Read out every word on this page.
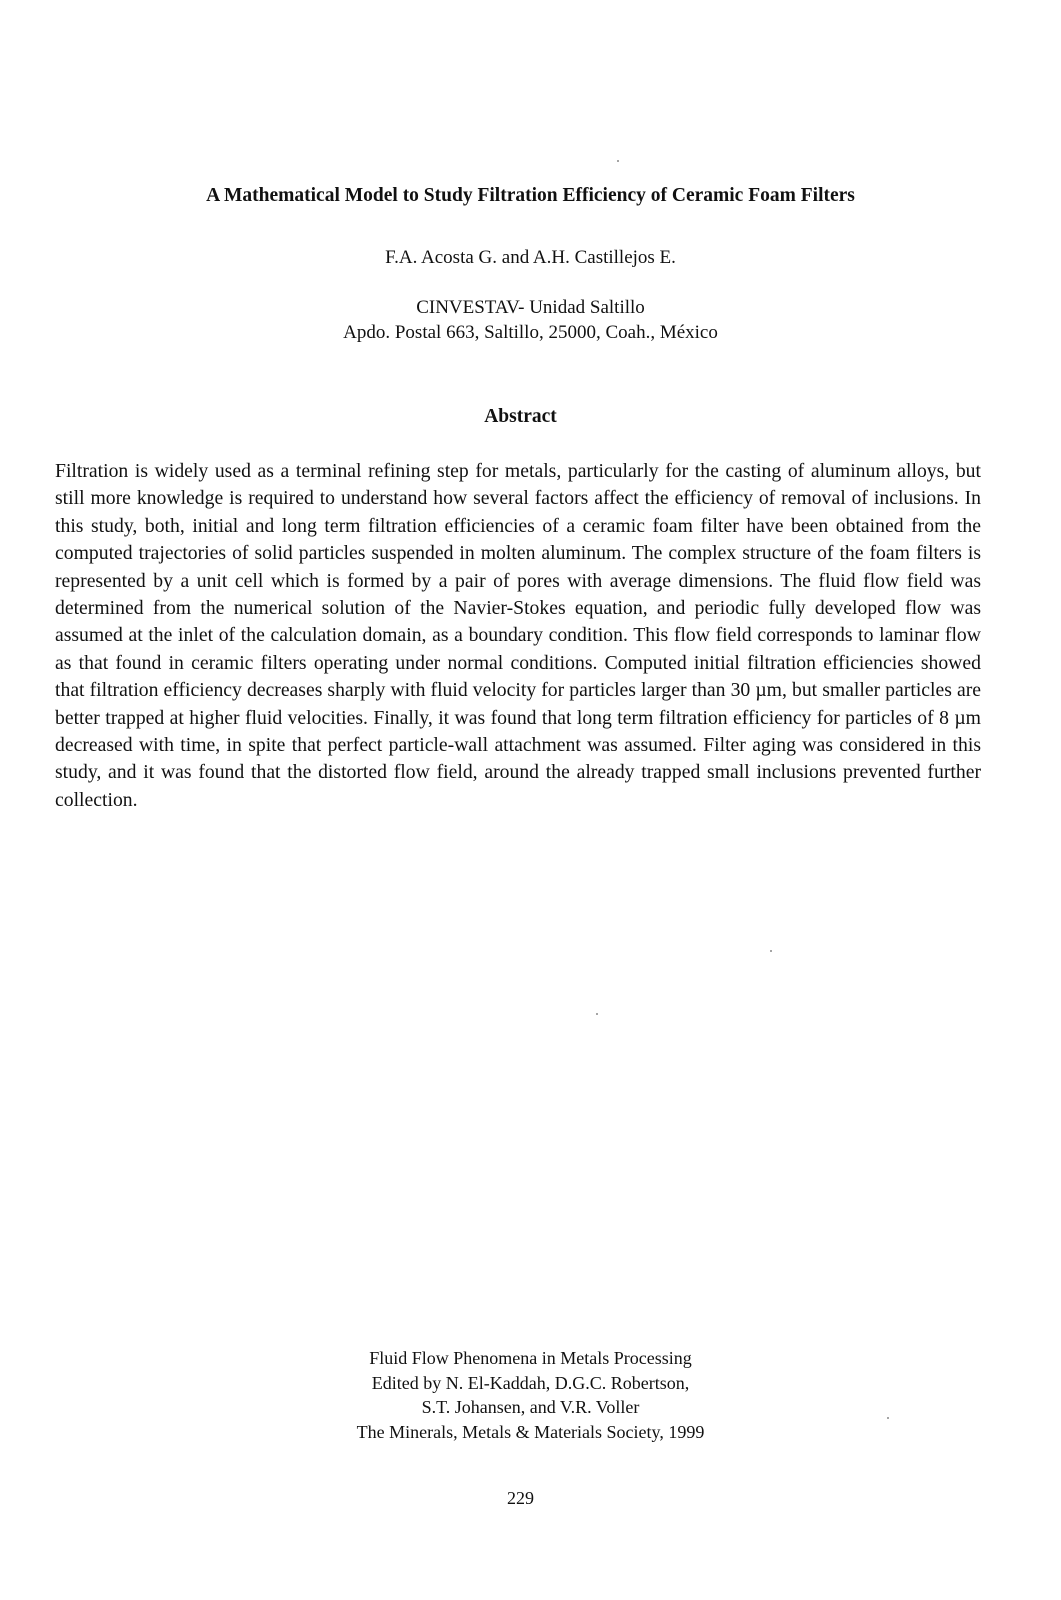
A Mathematical Model to Study Filtration Efficiency of Ceramic Foam Filters
F.A. Acosta G. and A.H. Castillejos E.
CINVESTAV- Unidad Saltillo
Apdo. Postal 663, Saltillo, 25000, Coah., México
Abstract

Filtration is widely used as a terminal refining step for metals, particularly for the casting of aluminum alloys, but still more knowledge is required to understand how several factors affect the efficiency of removal of inclusions. In this study, both, initial and long term filtration efficiencies of a ceramic foam filter have been obtained from the computed trajectories of solid particles suspended in molten aluminum. The complex structure of the foam filters is represented by a unit cell which is formed by a pair of pores with average dimensions. The fluid flow field was determined from the numerical solution of the Navier-Stokes equation, and periodic fully developed flow was assumed at the inlet of the calculation domain, as a boundary condition. This flow field corresponds to laminar flow as that found in ceramic filters operating under normal conditions. Computed initial filtration efficiencies showed that filtration efficiency decreases sharply with fluid velocity for particles larger than 30 µm, but smaller particles are better trapped at higher fluid velocities. Finally, it was found that long term filtration efficiency for particles of 8 µm decreased with time, in spite that perfect particle-wall attachment was assumed. Filter aging was considered in this study, and it was found that the distorted flow field, around the already trapped small inclusions prevented further collection.

Fluid Flow Phenomena in Metals Processing
Edited by N. El-Kaddah, D.G.C. Robertson,
S.T. Johansen, and V.R. Voller
The Minerals, Metals & Materials Society, 1999
229
